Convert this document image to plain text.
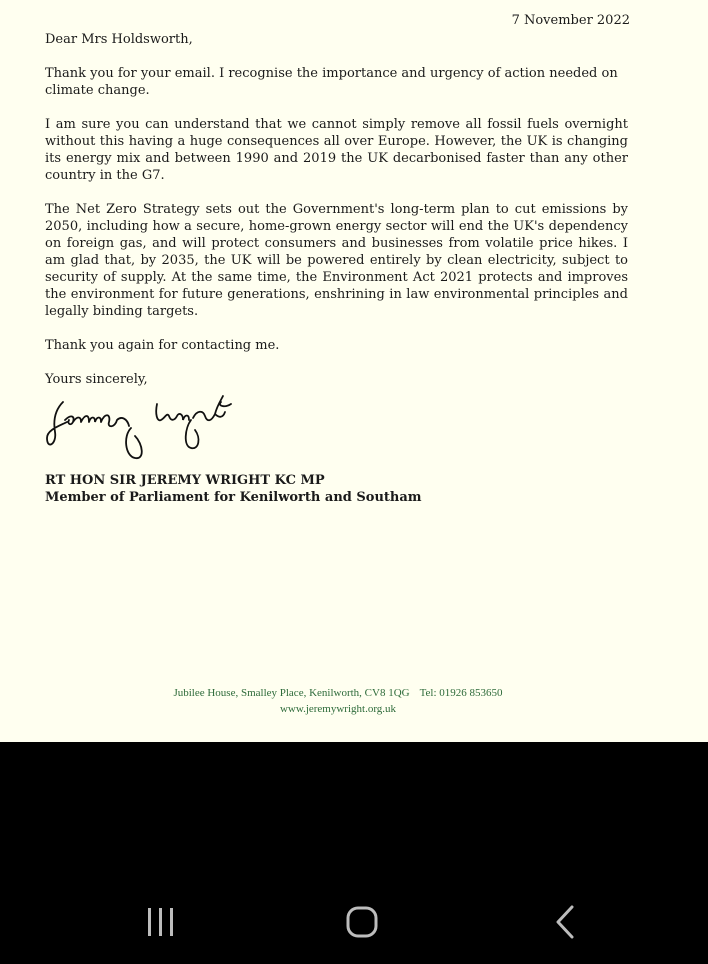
7 November 2022

Dear Mrs Holdsworth,

Thank you for your email. I recognise the importance and urgency of action needed on climate change.

I am sure you can understand that we cannot simply remove all fossil fuels overnight without this having a huge consequences all over Europe. However, the UK is changing its energy mix and between 1990 and 2019 the UK decarbonised faster than any other country in the G7.

The Net Zero Strategy sets out the Government's long-term plan to cut emissions by 2050, including how a secure, home-grown energy sector will end the UK's dependency on foreign gas, and will protect consumers and businesses from volatile price hikes. I am glad that, by 2035, the UK will be powered entirely by clean electricity, subject to security of supply. At the same time, the Environment Act 2021 protects and improves the environment for future generations, enshrining in law environmental principles and legally binding targets.

Thank you again for contacting me.

Yours sincerely,

RT HON SIR JEREMY WRIGHT KC MP
Member of Parliament for Kenilworth and Southam
Jubilee House, Smalley Place, Kenilworth, CV8 1QG Tel: 01926 853650
www.jeremywright.org.uk
